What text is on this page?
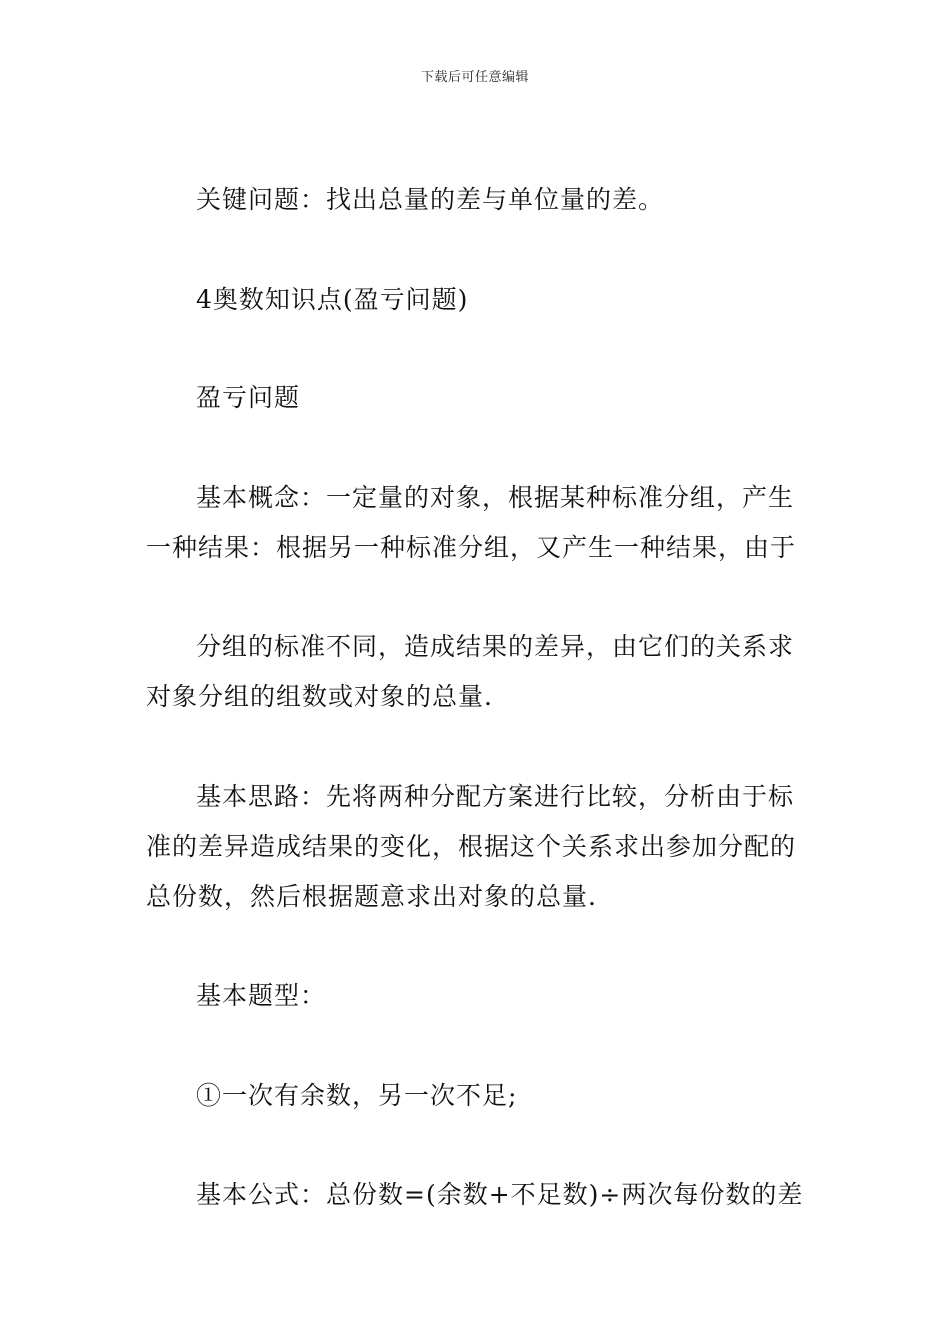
下载后可任意编辑
关键问题：找出总量的差与单位量的差。
4奥数知识点(盈亏问题)
盈亏问题
基本概念：一定量的对象，根据某种标准分组，产生
一种结果：根据另一种标准分组，又产生一种结果，由于
分组的标准不同，造成结果的差异，由它们的关系求
对象分组的组数或对象的总量.
基本思路：先将两种分配方案进行比较，分析由于标
准的差异造成结果的变化，根据这个关系求出参加分配的
总份数，然后根据题意求出对象的总量.
基本题型：
①一次有余数，另一次不足;
基本公式：总份数=(余数+不足数)÷两次每份数的差
